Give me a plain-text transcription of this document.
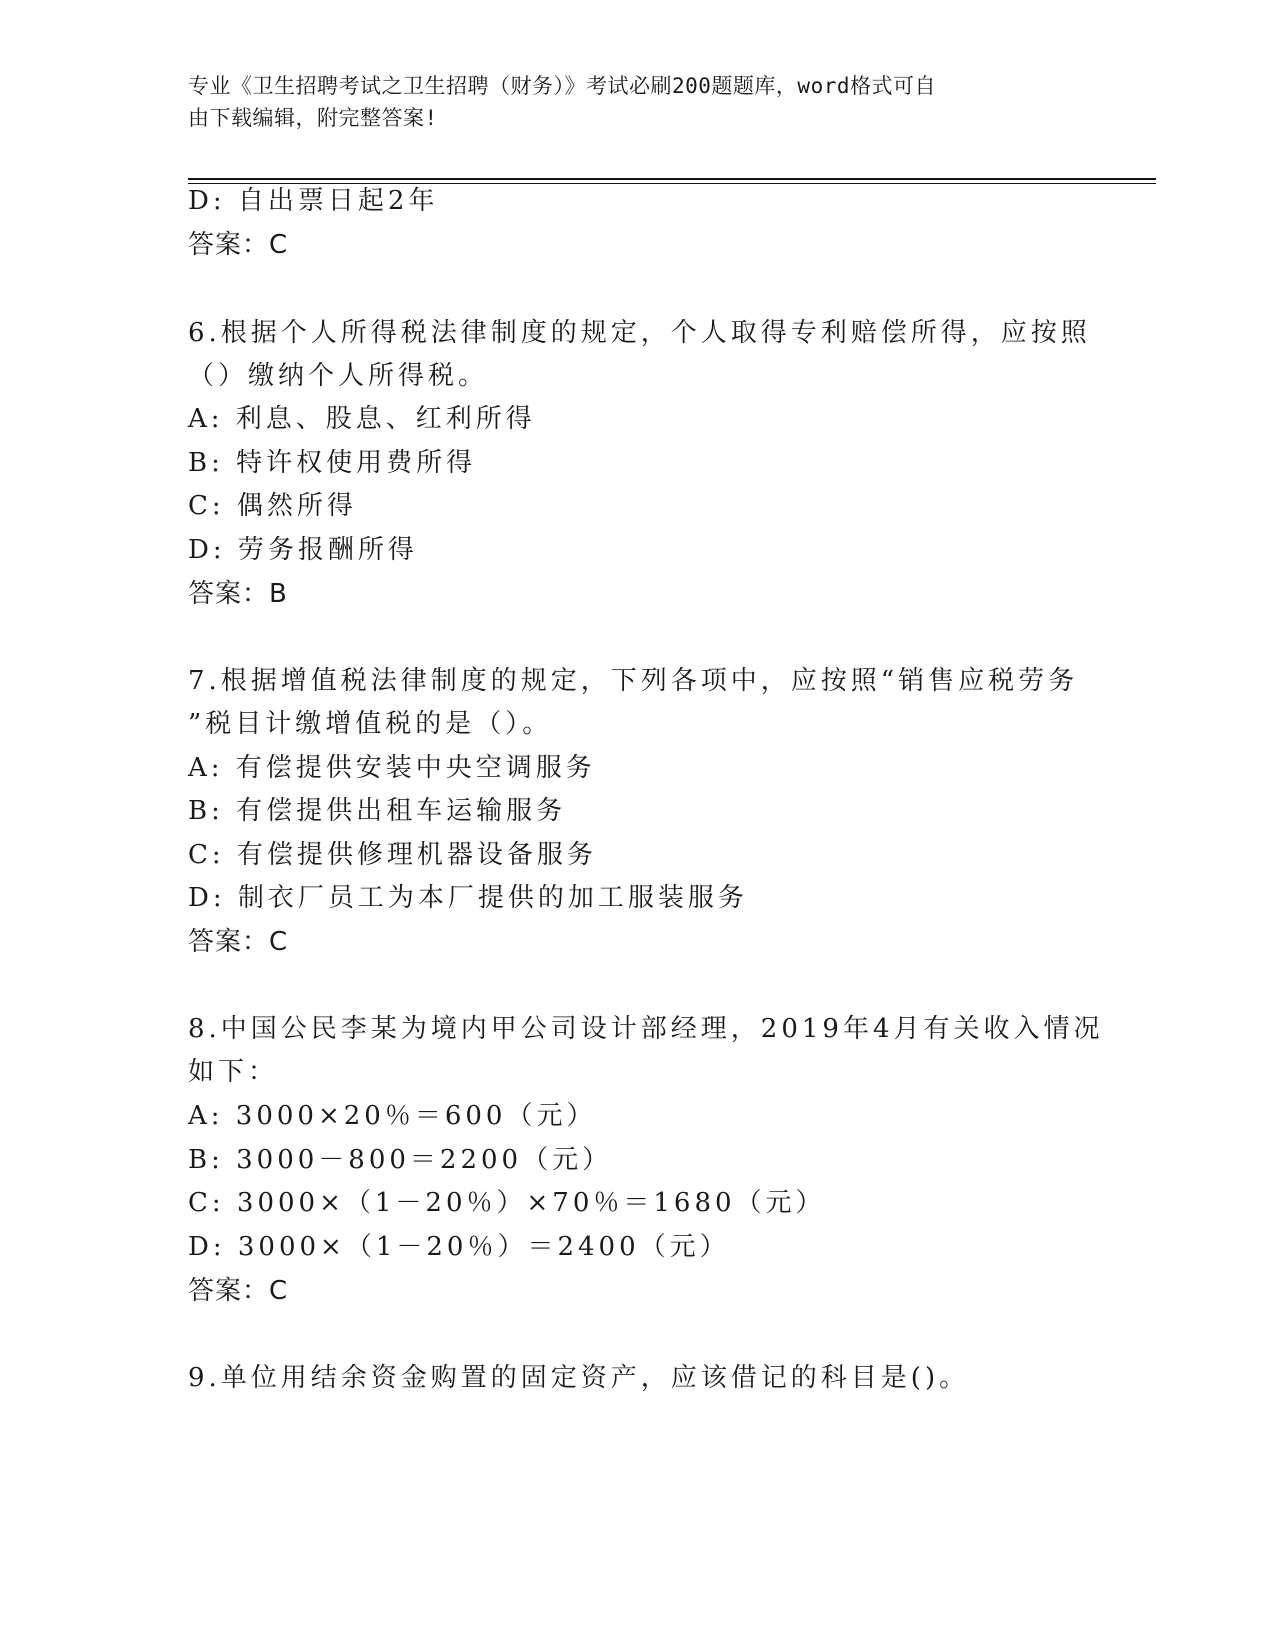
专业《卫生招聘考试之卫生招聘（财务）》考试必刷200题题库，word格式可自
由下载编辑，附完整答案!
D: 自出票日起2年
答案：C
6.根据个人所得税法律制度的规定，个人取得专利赔偿所得，应按照
（）缴纳个人所得税。
A: 利息、股息、红利所得
B: 特许权使用费所得
C: 偶然所得
D: 劳务报酬所得
答案：B
7.根据增值税法律制度的规定，下列各项中，应按照“销售应税劳务
”税目计缴增值税的是（）。
A: 有偿提供安装中央空调服务
B: 有偿提供出租车运输服务
C: 有偿提供修理机器设备服务
D: 制衣厂员工为本厂提供的加工服装服务
答案：C
8.中国公民李某为境内甲公司设计部经理，2019年4月有关收入情况
如下：
A: 3000×20％＝600（元）
B: 3000－800＝2200（元）
C: 3000×（1－20％）×70％＝1680（元）
D: 3000×（1－20％）＝2400（元）
答案：C
9.单位用结余资金购置的固定资产，应该借记的科目是()。
